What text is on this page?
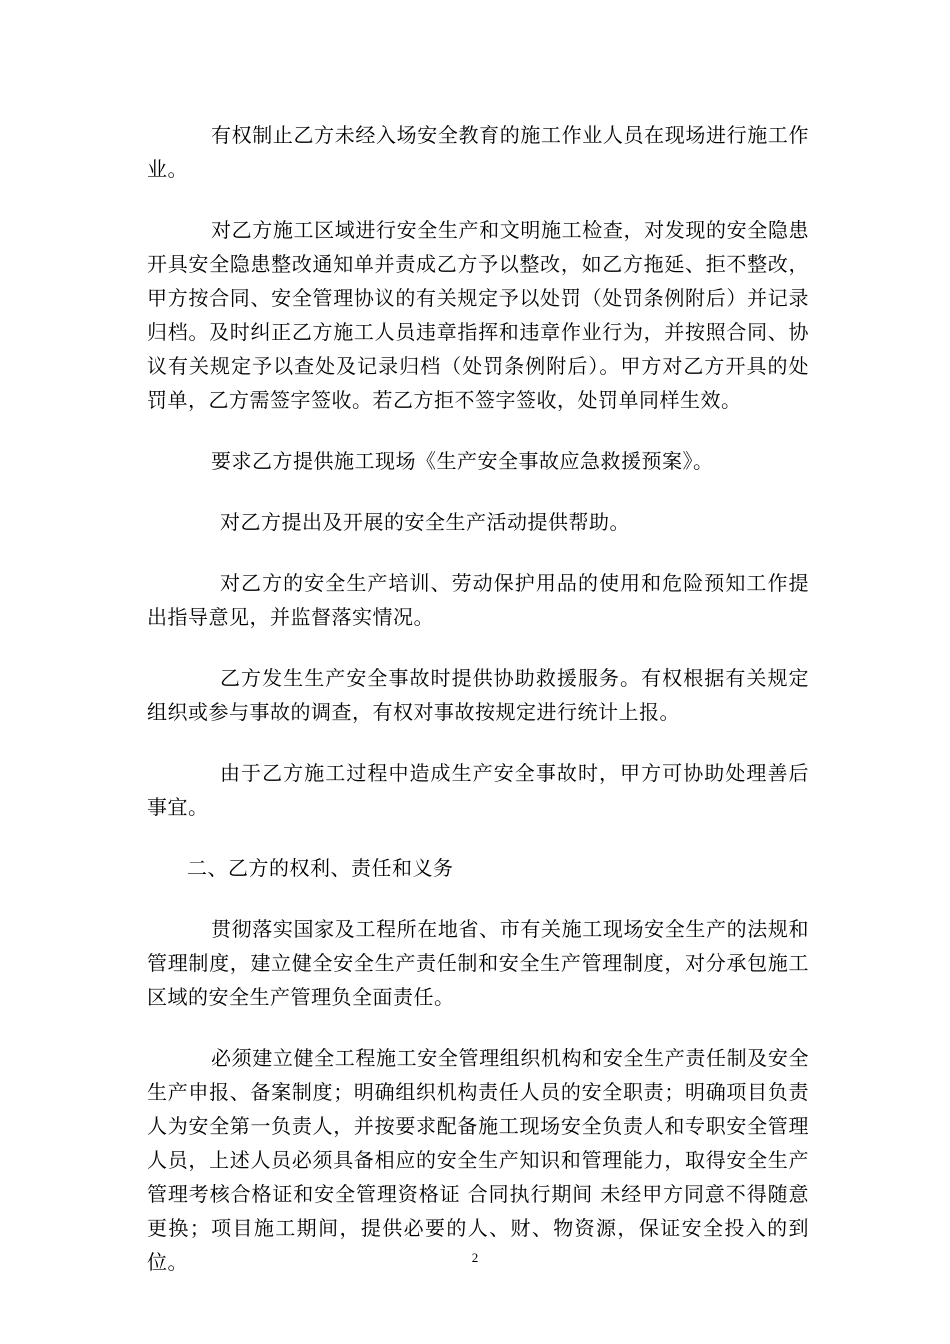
有权制止乙方未经入场安全教育的施工作业人员在现场进行施工作业。

对乙方施工区域进行安全生产和文明施工检查，对发现的安全隐患开具安全隐患整改通知单并责成乙方予以整改，如乙方拖延、拒不整改，甲方按合同、安全管理协议的有关规定予以处罚（处罚条例附后）并记录归档。及时纠正乙方施工人员违章指挥和违章作业行为，并按照合同、协议有关规定予以查处及记录归档（处罚条例附后）。甲方对乙方开具的处罚单，乙方需签字签收。若乙方拒不签字签收，处罚单同样生效。

要求乙方提供施工现场《生产安全事故应急救援预案》。

对乙方提出及开展的安全生产活动提供帮助。

对乙方的安全生产培训、劳动保护用品的使用和危险预知工作提出指导意见，并监督落实情况。

乙方发生生产安全事故时提供协助救援服务。有权根据有关规定组织或参与事故的调查，有权对事故按规定进行统计上报。

由于乙方施工过程中造成生产安全事故时，甲方可协助处理善后事宜。

二、乙方的权利、责任和义务

贯彻落实国家及工程所在地省、市有关施工现场安全生产的法规和管理制度，建立健全安全生产责任制和安全生产管理制度，对分承包施工区域的安全生产管理负全面责任。

必须建立健全工程施工安全管理组织机构和安全生产责任制及安全生产申报、备案制度；明确组织机构责任人员的安全职责；明确项目负责人为安全第一负责人，并按要求配备施工现场安全负责人和专职安全管理人员，上述人员必须具备相应的安全生产知识和管理能力，取得安全生产管理考核合格证和安全管理资格证 合同执行期间 未经甲方同意不得随意更换；项目施工期间，提供必要的人、财、物资源，保证安全投入的到位。	2
